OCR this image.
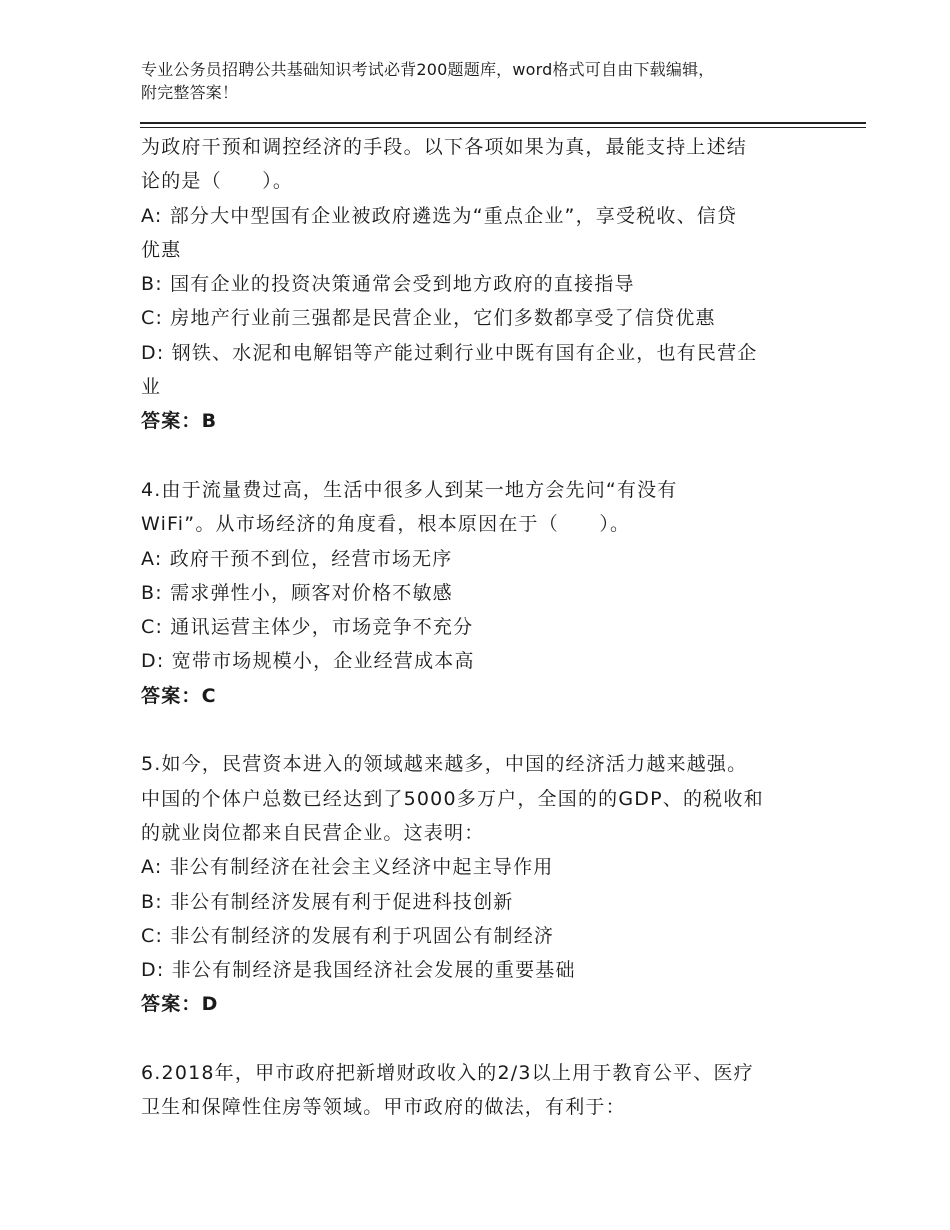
专业公务员招聘公共基础知识考试必背200题题库，word格式可自由下载编辑，
附完整答案！
为政府干预和调控经济的手段。以下各项如果为真，最能支持上述结
论的是（　　）。
A: 部分大中型国有企业被政府遴选为“重点企业”，享受税收、信贷
优惠
B: 国有企业的投资决策通常会受到地方政府的直接指导
C: 房地产行业前三强都是民营企业，它们多数都享受了信贷优惠
D: 钢铁、水泥和电解铝等产能过剩行业中既有国有企业，也有民营企
业
答案：B
4.由于流量费过高，生活中很多人到某一地方会先问“有没有
WiFi”。从市场经济的角度看，根本原因在于（　　）。
A: 政府干预不到位，经营市场无序
B: 需求弹性小，顾客对价格不敏感
C: 通讯运营主体少，市场竞争不充分
D: 宽带市场规模小，企业经营成本高
答案：C
5.如今，民营资本进入的领域越来越多，中国的经济活力越来越强。
中国的个体户总数已经达到了5000多万户，全国的的GDP、的税收和
的就业岗位都来自民营企业。这表明：
A: 非公有制经济在社会主义经济中起主导作用
B: 非公有制经济发展有利于促进科技创新
C: 非公有制经济的发展有利于巩固公有制经济
D: 非公有制经济是我国经济社会发展的重要基础
答案：D
6.2018年，甲市政府把新增财政收入的2/3以上用于教育公平、医疗
卫生和保障性住房等领域。甲市政府的做法，有利于：
